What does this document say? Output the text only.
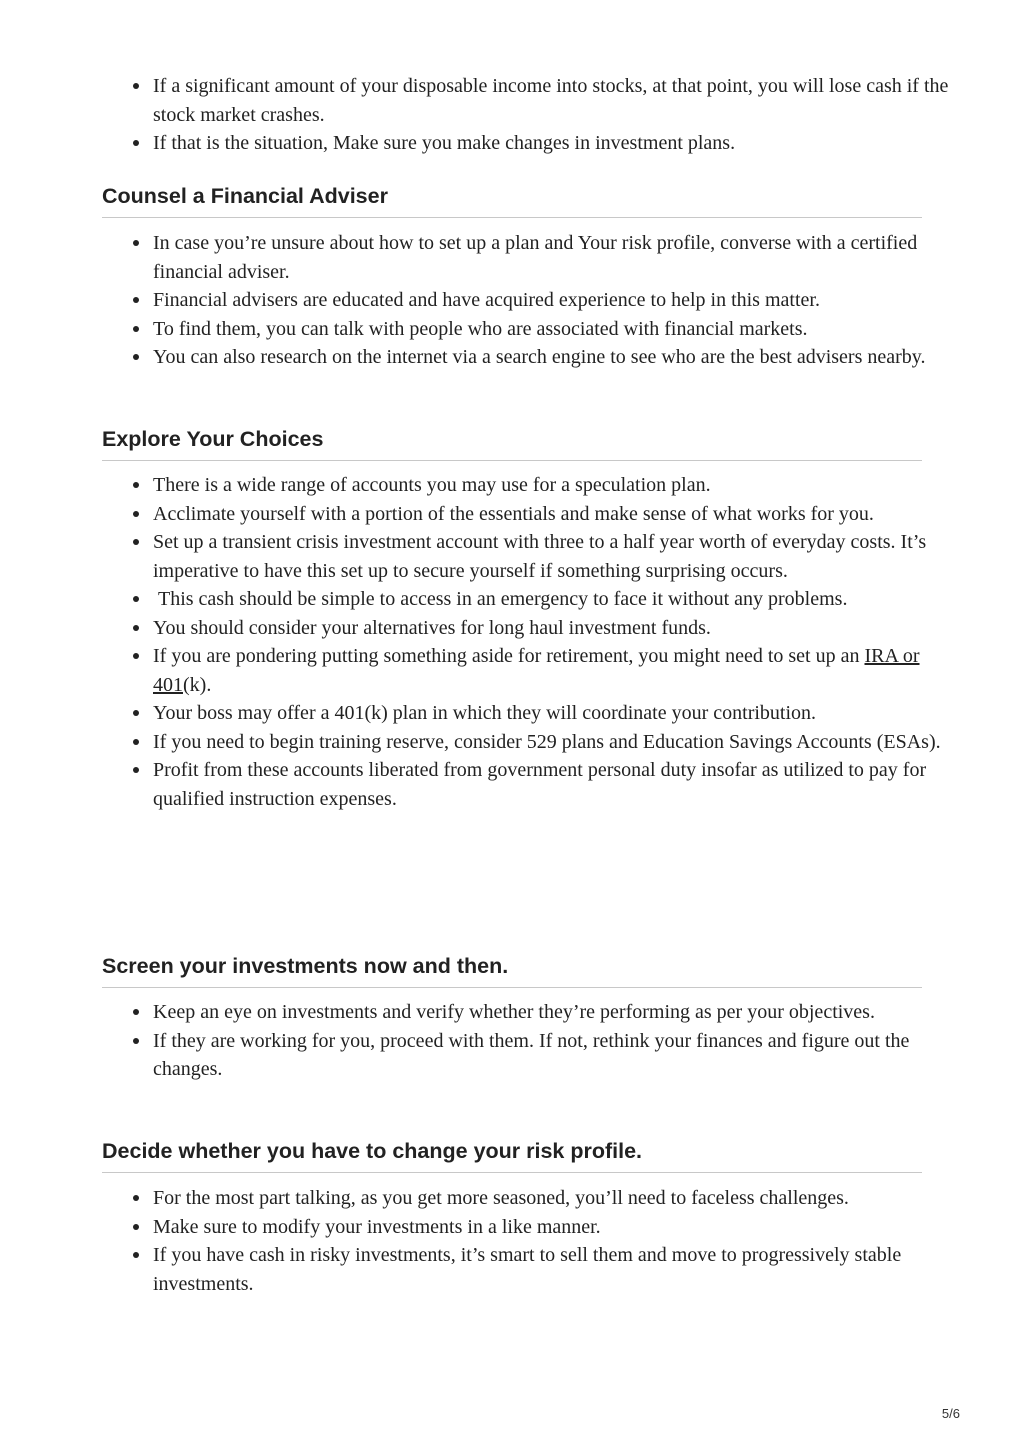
If a significant amount of your disposable income into stocks, at that point, you will lose cash if the stock market crashes.
If that is the situation, Make sure you make changes in investment plans.
Counsel a Financial Adviser
In case you’re unsure about how to set up a plan and Your risk profile, converse with a certified financial adviser.
Financial advisers are educated and have acquired experience to help in this matter.
To find them, you can talk with people who are associated with financial markets.
You can also research on the internet via a search engine to see who are the best advisers nearby.
Explore Your Choices
There is a wide range of accounts you may use for a speculation plan.
Acclimate yourself with a portion of the essentials and make sense of what works for you.
Set up a transient crisis investment account with three to a half year worth of everyday costs. It’s imperative to have this set up to secure yourself if something surprising occurs.
This cash should be simple to access in an emergency to face it without any problems.
You should consider your alternatives for long haul investment funds.
If you are pondering putting something aside for retirement, you might need to set up an IRA or 401(k).
Your boss may offer a 401(k) plan in which they will coordinate your contribution.
If you need to begin training reserve, consider 529 plans and Education Savings Accounts (ESAs).
Profit from these accounts liberated from government personal duty insofar as utilized to pay for qualified instruction expenses.
Screen your investments now and then.
Keep an eye on investments and verify whether they’re performing as per your objectives.
If they are working for you, proceed with them. If not, rethink your finances and figure out the changes.
Decide whether you have to change your risk profile.
For the most part talking, as you get more seasoned, you’ll need to faceless challenges.
Make sure to modify your investments in a like manner.
If you have cash in risky investments, it’s smart to sell them and move to progressively stable investments.
5/6
